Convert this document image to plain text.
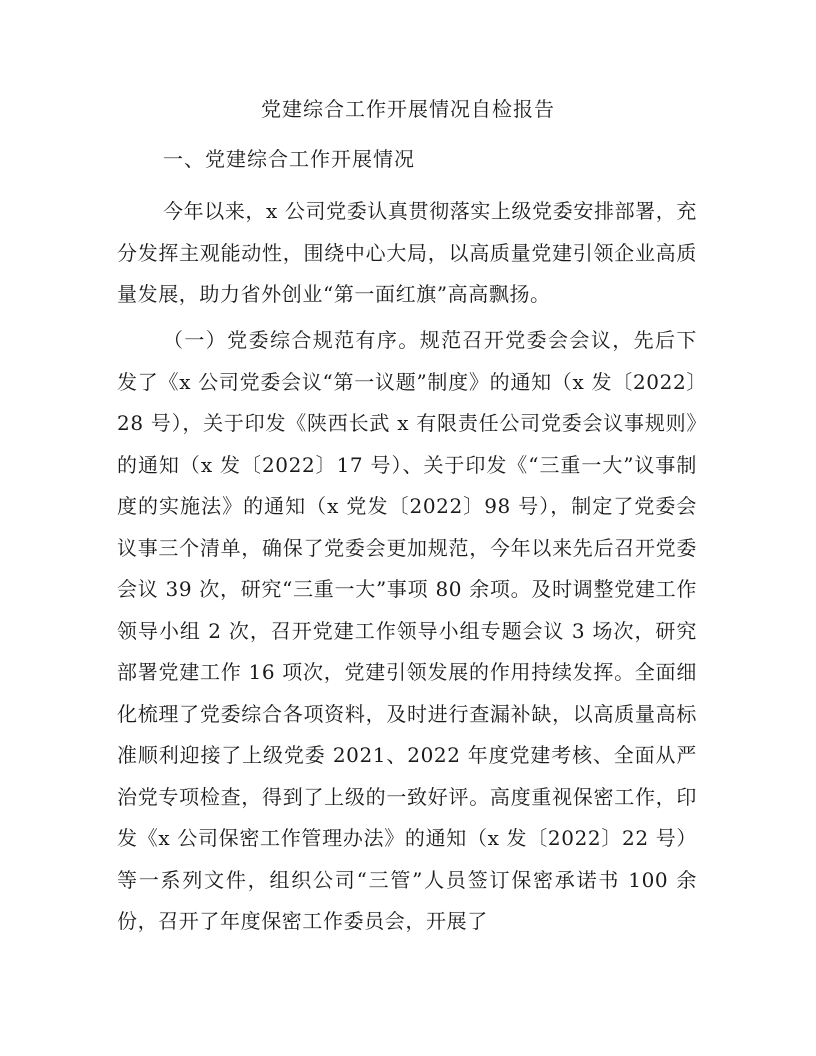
党建综合工作开展情况自检报告
一、党建综合工作开展情况

今年以来，x 公司党委认真贯彻落实上级党委安排部署，充分发挥主观能动性，围绕中心大局，以高质量党建引领企业高质量发展，助力省外创业“第一面红旗”高高飘扬。

（一）党委综合规范有序。规范召开党委会会议，先后下发了《x 公司党委会议“第一议题”制度》的通知（x 发〔2022〕28 号），关于印发《陕西长武 x 有限责任公司党委会议事规则》的通知（x 发〔2022〕17 号）、关于印发《“三重一大”议事制度的实施法》的通知（x 党发〔2022〕98 号），制定了党委会议事三个清单，确保了党委会更加规范，今年以来先后召开党委会议 39 次，研究“三重一大”事项 80 余项。及时调整党建工作领导小组 2 次，召开党建工作领导小组专题会议 3 场次，研究部署党建工作 16 项次，党建引领发展的作用持续发挥。全面细化梳理了党委综合各项资料，及时进行查漏补缺，以高质量高标准顺利迎接了上级党委 2021、2022 年度党建考核、全面从严治党专项检查，得到了上级的一致好评。高度重视保密工作，印发《x 公司保密工作管理办法》的通知（x 发〔2022〕22 号）等一系列文件，组织公司“三管”人员签订保密承诺书 100 余份，召开了年度保密工作委员会，开展了
